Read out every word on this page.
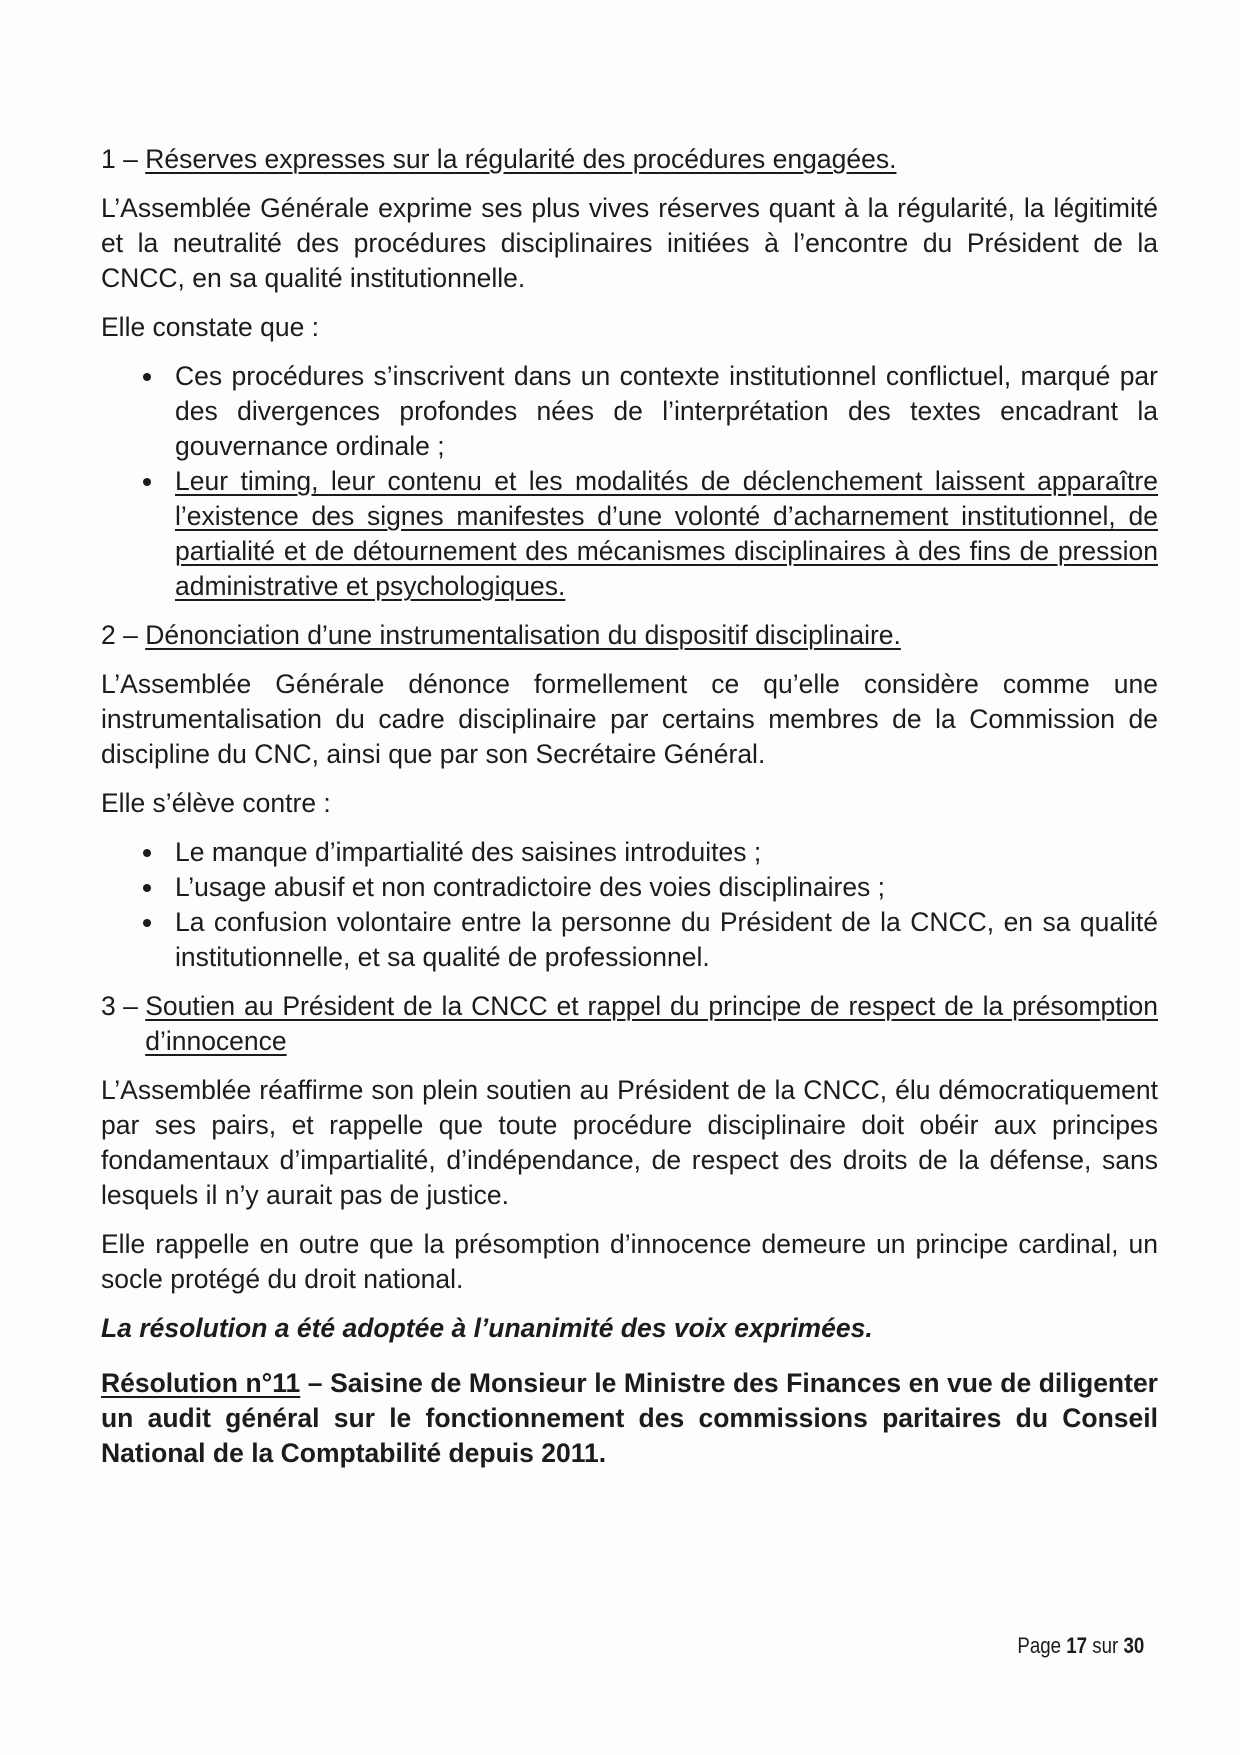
1 – Réserves expresses sur la régularité des procédures engagées.

L’Assemblée Générale exprime ses plus vives réserves quant à la régularité, la légitimité et la neutralité des procédures disciplinaires initiées à l’encontre du Président de la CNCC, en sa qualité institutionnelle.

Elle constate que :

Ces procédures s’inscrivent dans un contexte institutionnel conflictuel, marqué par des divergences profondes nées de l’interprétation des textes encadrant la gouvernance ordinale ;
Leur timing, leur contenu et les modalités de déclenchement laissent apparaître l’existence des signes manifestes d’une volonté d’acharnement institutionnel, de partialité et de détournement des mécanismes disciplinaires à des fins de pression administrative et psychologiques.
2 – Dénonciation d’une instrumentalisation du dispositif disciplinaire.

L’Assemblée Générale dénonce formellement ce qu’elle considère comme une instrumentalisation du cadre disciplinaire par certains membres de la Commission de discipline du CNC, ainsi que par son Secrétaire Général.

Elle s’élève contre :

Le manque d’impartialité des saisines introduites ;
L’usage abusif et non contradictoire des voies disciplinaires ;
La confusion volontaire entre la personne du Président de la CNCC, en sa qualité institutionnelle, et sa qualité de professionnel.
3 – Soutien au Président de la CNCC et rappel du principe de respect de la présomption d’innocence

L’Assemblée réaffirme son plein soutien au Président de la CNCC, élu démocratiquement par ses pairs, et rappelle que toute procédure disciplinaire doit obéir aux principes fondamentaux d’impartialité, d’indépendance, de respect des droits de la défense, sans lesquels il n’y aurait pas de justice.

Elle rappelle en outre que la présomption d’innocence demeure un principe cardinal, un socle protégé du droit national.

La résolution a été adoptée à l’unanimité des voix exprimées.

Résolution n°11 – Saisine de Monsieur le Ministre des Finances en vue de diligenter un audit général sur le fonctionnement des commissions paritaires du Conseil National de la Comptabilité depuis 2011.

Page 17 sur 30
